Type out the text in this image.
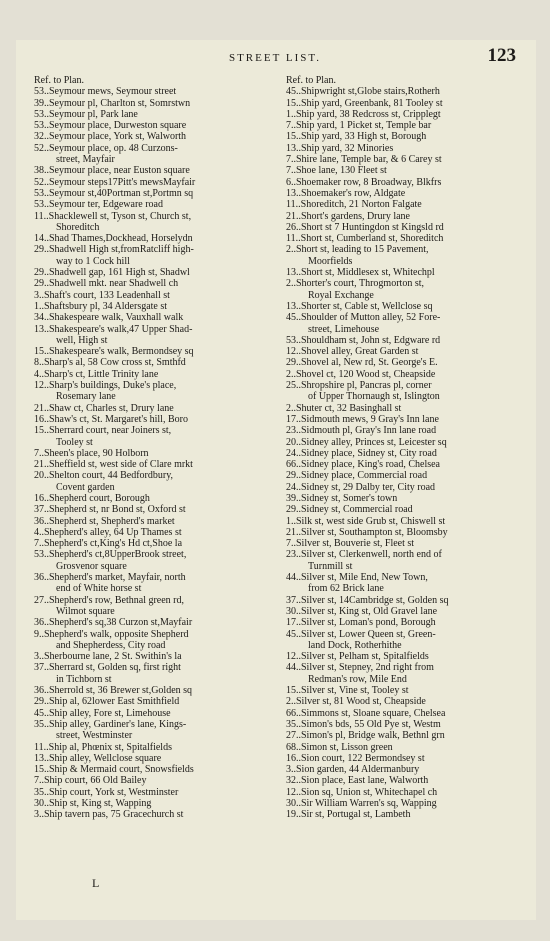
STREET LIST.	123
Ref. to Plan.
53..Seymour mews, Seymour street
39..Seymour pl, Charlton st, Somrstwn
53..Seymour pl, Park lane
53..Seymour place, Durweston square
32..Seymour place, York st, Walworth
52..Seymour place, op. 48 Curzons-
street, Mayfair
38..Seymour place, near Euston square
52..Seymour steps17Pitt's mewsMayfair
53..Seymour st,40Portman st,Portmn sq
53..Seymour ter, Edgeware road
11..Shacklewell st, Tyson st, Church st,
Shoreditch
14..Shad Thames,Dockhead, Horselydn
29..Shadwell High st,fromRatcliff high-
way to 1 Cock hill
29..Shadwell gap, 161 High st, Shadwl
29..Shadwell mkt. near Shadwell ch
3..Shaft's court, 133 Leadenhall st
1..Shaftsbury pl, 34 Aldersgate st
34..Shakespeare walk, Vauxhall walk
13..Shakespeare's walk,47 Upper Shad-
well, High st
15..Shakespeare's walk, Bermondsey sq
8..Sharp's al, 58 Cow cross st, Smthfd
4..Sharp's ct, Little Trinity lane
12..Sharp's buildings, Duke's place,
Rosemary lane
21..Shaw ct, Charles st, Drury lane
16..Shaw's ct, St. Margaret's hill, Boro
15..Sherrard court, near Joiners st,
Tooley st
7..Sheen's place, 90 Holborn
21..Sheffield st, west side of Clare mrkt
20..Shelton court, 44 Bedfordbury,
Covent garden
16..Shepherd court, Borough
37..Shepherd st, nr Bond st, Oxford st
36..Shepherd st, Shepherd's market
4..Shepherd's alley, 64 Up Thames st
7..Shepherd's ct,King's Hd ct,Shoe la
53..Shepherd's ct,8UpperBrook street,
Grosvenor square
36..Shepherd's market, Mayfair, north
end of White horse st
27..Shepherd's row, Bethnal green rd,
Wilmot square
36..Shepherd's sq,38 Curzon st,Mayfair
9..Shepherd's walk, opposite Shepherd
and Shepherdess, City road
3..Sherbourne lane, 2 St. Swithin's la
37..Sherrard st, Golden sq, first right
in Tichborn st
36..Sherrold st, 36 Brewer st,Golden sq
29..Ship al, 62lower East Smithfield
45..Ship alley, Fore st, Limehouse
35..Ship alley, Gardiner's lane, Kings-
street, Westminster
11..Ship al, Phœnix st, Spitalfields
13..Ship alley, Wellclose square
15..Ship & Mermaid court, Snowsfields
7..Ship court, 66 Old Bailey
35..Ship court, York st, Westminster
30..Ship st, King st, Wapping
3..Ship tavern pas, 75 Gracechurch st
Ref. to Plan.
45..Shipwright st,Globe stairs,Rotherh
15..Ship yard, Greenbank, 81 Tooley st
1..Ship yard, 38 Redcross st, Cripplegt
7..Ship yard, 1 Picket st, Temple bar
15..Ship yard, 33 High st, Borough
13..Ship yard, 32 Minories
7..Shire lane, Temple bar, & 6 Carey st
7..Shoe lane, 130 Fleet st
6..Shoemaker row, 8 Broadway, Blkfrs
13..Shoemaker's row, Aldgate
11..Shoreditch, 21 Norton Falgate
21..Short's gardens, Drury lane
26..Short st 7 Huntingdon st Kingsld rd
11..Short st, Cumberland st, Shoreditch
2..Short st, leading to 15 Pavement,
Moorfields
13..Short st, Middlesex st, Whitechpl
2..Shorter's court, Throgmorton st,
Royal Exchange
13..Shorter st, Cable st, Wellclose sq
45..Shoulder of Mutton alley, 52 Fore-
street, Limehouse
53..Shouldham st, John st, Edgware rd
12..Shovel alley, Great Garden st
29..Shovel al, New rd, St. George's E.
2..Shovel ct, 120 Wood st, Cheapside
25..Shropshire pl, Pancras pl, corner
of Upper Thornaugh st, Islington
2..Shuter ct, 32 Basinghall st
17..Sidmouth mews, 9 Gray's Inn lane
23..Sidmouth pl, Gray's Inn lane road
20..Sidney alley, Princes st, Leicester sq
24..Sidney place, Sidney st, City road
66..Sidney place, King's road, Chelsea
29..Sidney place, Commercial road
24..Sidney st, 29 Dalby ter, City road
39..Sidney st, Somer's town
29..Sidney st, Commercial road
1..Silk st, west side Grub st, Chiswell st
21..Silver st, Southampton st, Bloomsby
7..Silver st, Bouverie st, Fleet st
23..Silver st, Clerkenwell, north end of
Turnmill st
44..Silver st, Mile End, New Town,
from 62 Brick lane
37..Silver st, 14Cambridge st, Golden sq
30..Silver st, King st, Old Gravel lane
17..Silver st, Loman's pond, Borough
45..Silver st, Lower Queen st, Green-
land Dock, Rotherhithe
12..Silver st, Pelham st, Spitalfields
44..Silver st, Stepney, 2nd right from
Redman's row, Mile End
15..Silver st, Vine st, Tooley st
2..Silver st, 81 Wood st, Cheapside
66..Simmons st, Sloane square, Chelsea
35..Simon's bds, 55 Old Pye st, Westm
27..Simon's pl, Bridge walk, Bethnl grn
68..Simon st, Lisson green
16..Sion court, 122 Bermondsey st
3..Sion garden, 44 Aldermanbury
32..Sion place, East lane, Walworth
12..Sion sq, Union st, Whitechapel ch
30..Sir William Warren's sq, Wapping
19..Sir st, Portugal st, Lambeth
L
